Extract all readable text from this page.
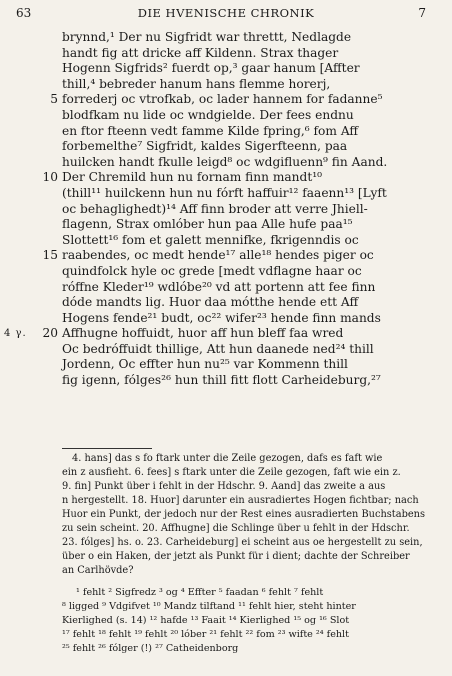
63	DIE HVENISCHE CHRONIK	7
brynnd,¹ Der nu Sigfridt war threttt, Nedlagde
handt fig att dricke aff Kildenn. Strax thager
Hogenn Sigfrids² fuerdt op,³ gaar hanum [Affter
thill,⁴ bebreder hanum hans flemme horerj,
5 forrederj oc vtrofkab, oc lader hannem for fadanne⁵
blodfkam nu lide oc wndgielde. Der fees endnu
en ftor fteenn vedt famme Kilde fpring,⁶ fom Aff
forbemelthe⁷ Sigfridt, kaldes Sigerfteenn, paa
huilcken handt fkulle leigd⁸ oc wdgifluenn⁹ fin Aand.
10 Der Chremild hun nu fornam finn mandt¹⁰
(thill¹¹ huilckenn hun nu fórft haffuir¹² faaenn¹³ [Lyft
oc behaglighedt)¹⁴ Aff finn broder att verre Jhiell-
flagenn, Strax omlóber hun paa Alle hufe paa¹⁵
Slottett¹⁶ fom et galett mennifke, fkrigenndis oc
15 raabendes, oc medt hende¹⁷ alle¹⁸ hendes piger oc
quindfolck hyle oc grede [medt vdflagne haar oc
róffne Kleder¹⁹ wdlóbe²⁰ vd att portenn att fee finn
dóde mandts lig. Huor daa mótthe hende ett Aff
Hogens fende²¹ budt, oc²² wifer²³ hende finn mands
4 γ.	20 Affhugne hoffuidt, huor aff hun bleff faa wred
Oc bedróffuidt thillige, Att hun daanede ned²⁴ thill
Jordenn, Oc effter hun nu²⁵ var Kommenn thill
fig igenn, fólges²⁶ hun thill fitt flott Carheideburg,²⁷
4. hans] das s fo ftark unter die Zeile gezogen, dafs es faft wie
ein z ausfieht. 6. fees] s ftark unter die Zeile gezogen, faft wie ein z.
9. fin] Punkt über i fehlt in der Hdschr. 9. Aand] das zweite a aus
n hergestellt. 18. Huor] darunter ein ausradiertes Hogen fichtbar; nach
Huor ein Punkt, der jedoch nur der Rest eines ausradierten Buchstabens
zu sein scheint. 20. Affhugne] die Schlinge über u fehlt in der Hdschr.
23. fólges] hs. o. 23. Carheideburg] ei scheint aus oe hergestellt zu sein,
über o ein Haken, der jetzt als Punkt für i dient; dachte der Schreiber
an Carlhövde?
¹ fehlt ² Sigfredz ³ og ⁴ Effter ⁵ faadan ⁶ fehlt ⁷ fehlt
⁸ ligged ⁹ Vdgifvet ¹⁰ Mandz tilftand ¹¹ fehlt hier, steht hinter
Kierlighed (s. 14) ¹² hafde ¹³ Faait ¹⁴ Kierlighed ¹⁵ og ¹⁶ Slot
¹⁷ fehlt ¹⁸ fehlt ¹⁹ fehlt ²⁰ lóber ²¹ fehlt ²² fom ²³ wifte ²⁴ fehlt
²⁵ fehlt ²⁶ fólger (!) ²⁷ Catheidenborg
